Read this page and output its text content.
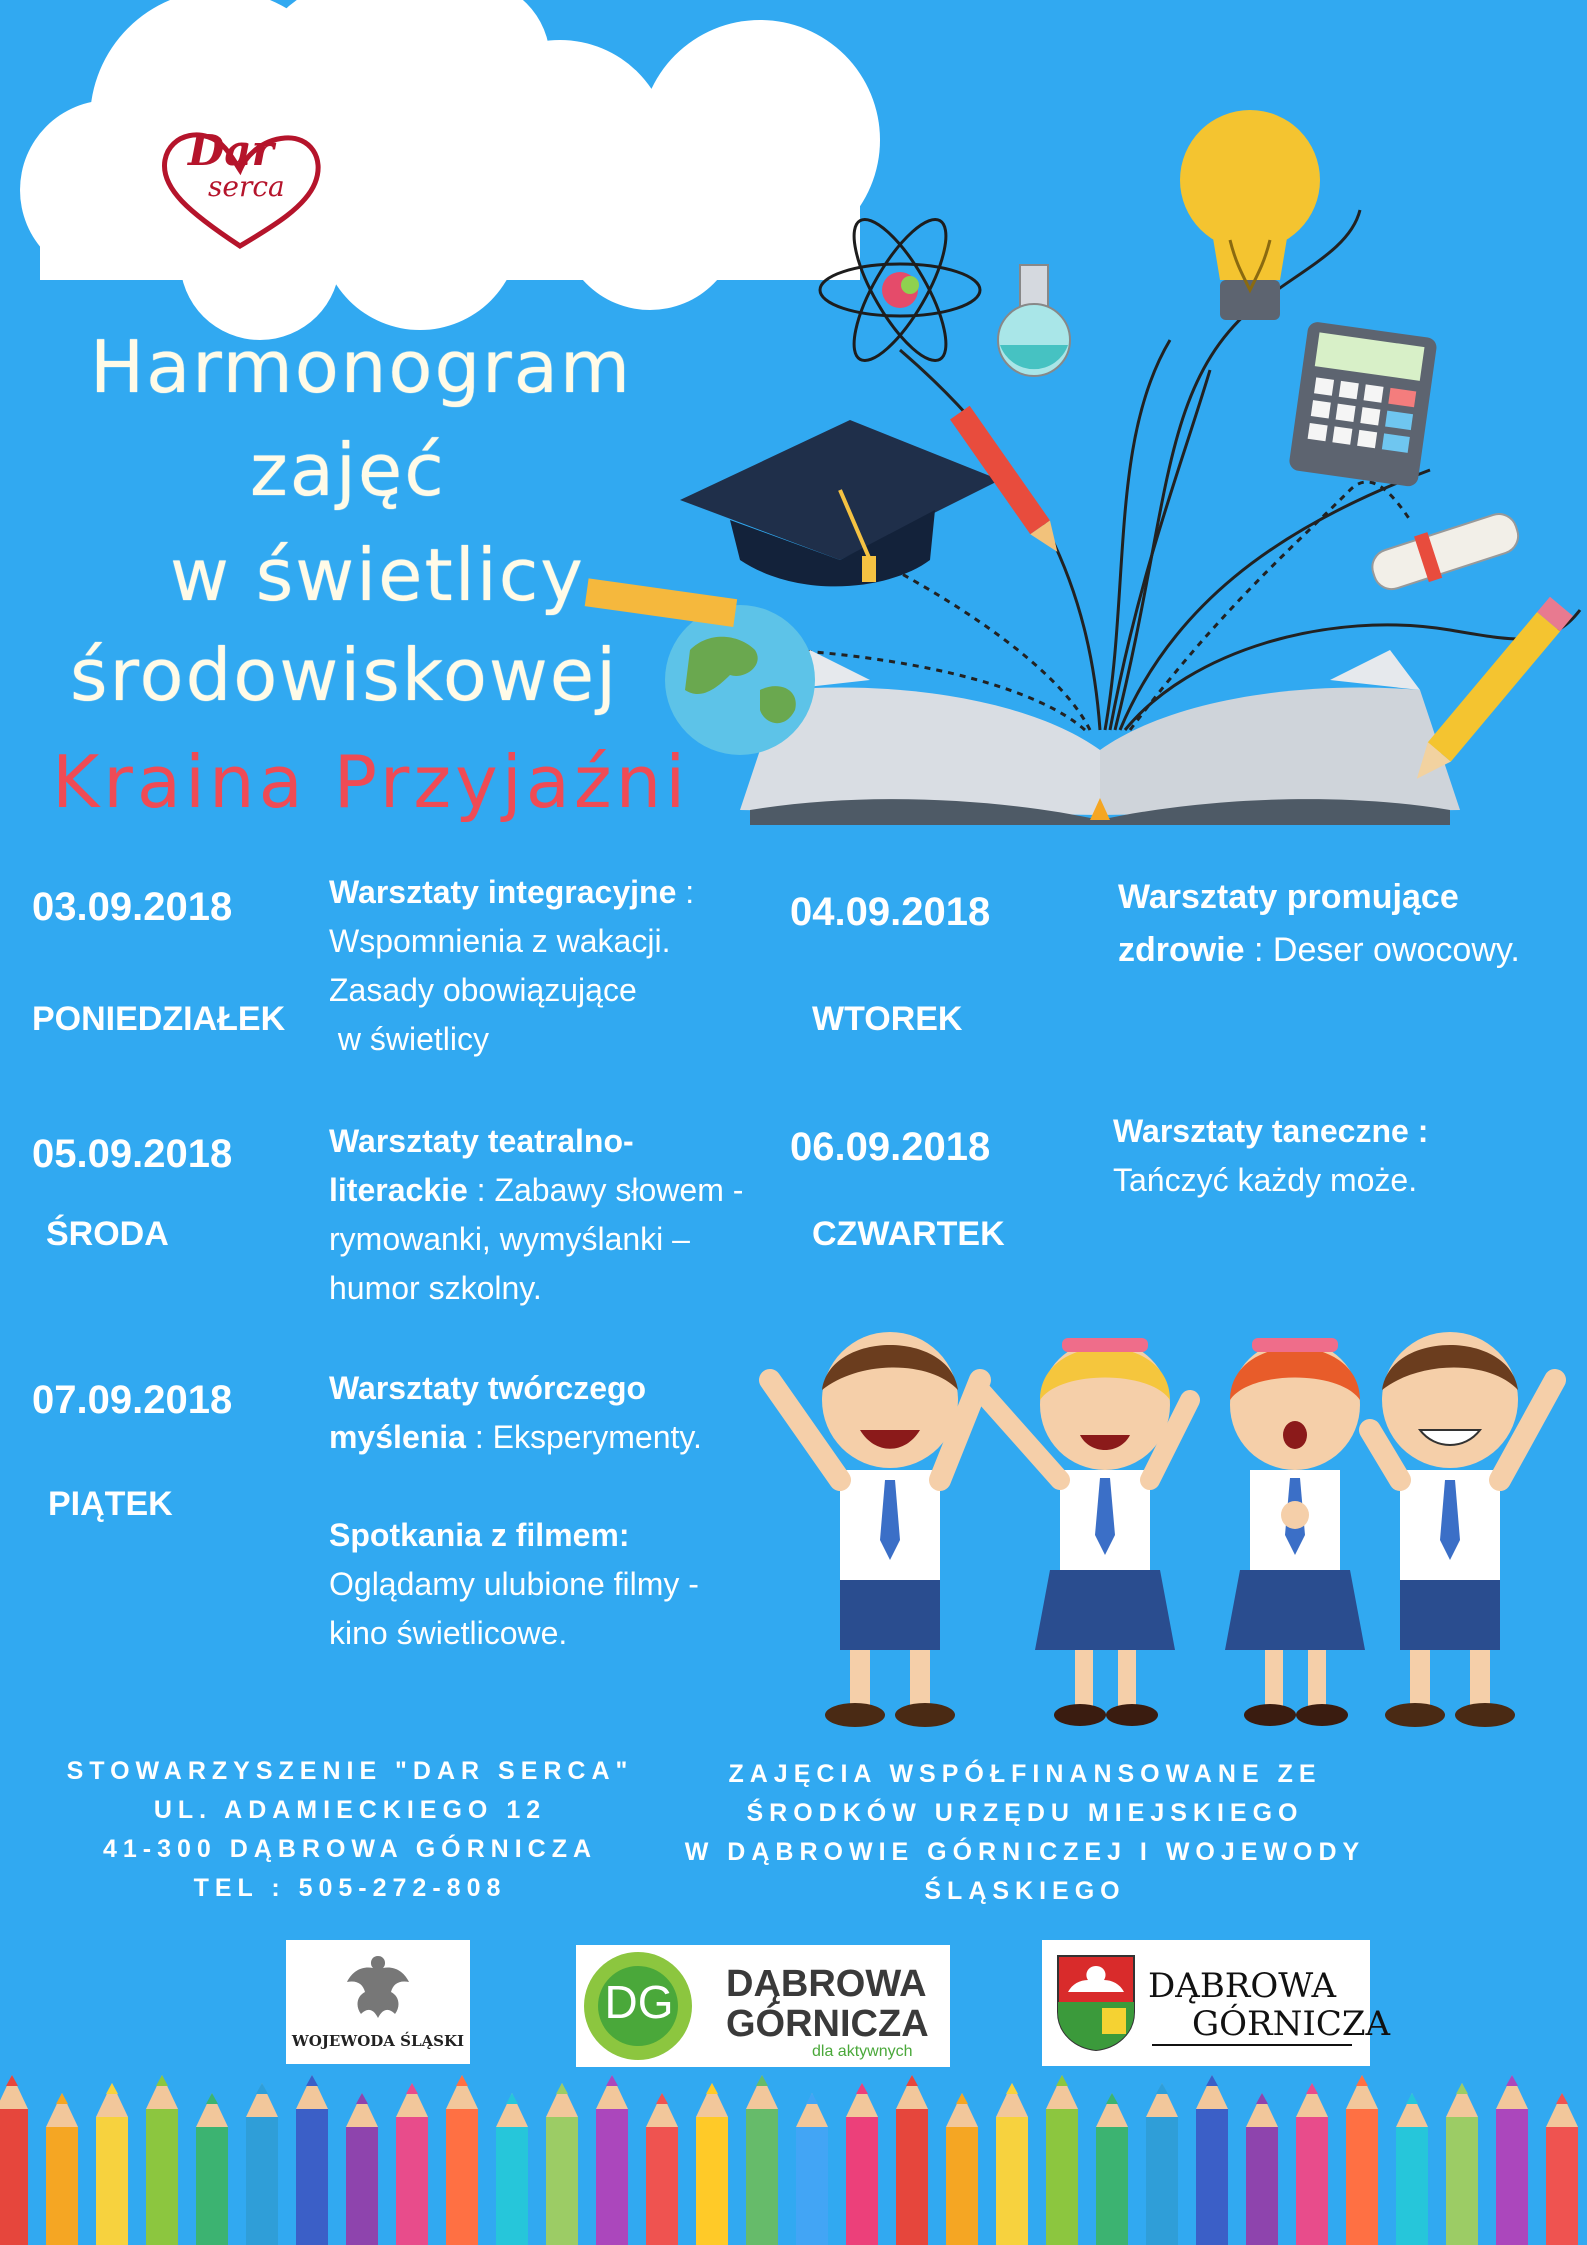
Dar
serca
Harmonogram
zajęć
w świetlicy
środowiskowej
Kraina Przyjaźni
03.09.2018
PONIEDZIAŁEK
Warsztaty integracyjne :
Wspomnienia z wakacji.
Zasady obowiązujące
w świetlicy
04.09.2018
WTOREK
Warsztaty promujące
zdrowie : Deser owocowy.
05.09.2018
ŚRODA
Warsztaty teatralno-
literackie : Zabawy słowem -
rymowanki, wymyślanki –
humor szkolny.
06.09.2018
CZWARTEK
Warsztaty taneczne :
Tańczyć każdy może.
07.09.2018
PIĄTEK
Warsztaty twórczego
myślenia : Eksperymenty.
Spotkania z filmem:
Oglądamy ulubione filmy -
kino świetlicowe.
STOWARZYSZENIE "DAR SERCA"
UL. ADAMIECKIEGO 12
41-300 DĄBROWA GÓRNICZA
TEL : 505-272-808
ZAJĘCIA WSPÓŁFINANSOWANE ZE
ŚRODKÓW URZĘDU MIEJSKIEGO
W DĄBROWIE GÓRNICZEJ I WOJEWODY
ŚLĄSKIEGO
WOJEWODA ŚLĄSKI
DG DĄBROWA
GÓRNICZA
dla aktywnych
DĄBROWA
GÓRNICZA
